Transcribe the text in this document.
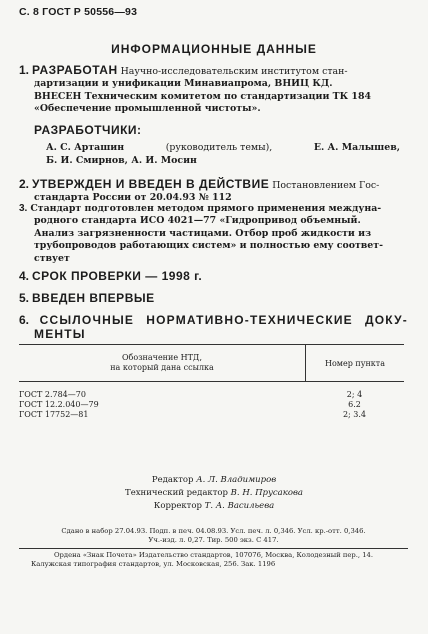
С. 8 ГОСТ Р 50556—93
ИНФОРМАЦИОННЫЕ ДАННЫЕ
1. РАЗРАБОТАН Научно-исследовательским институтом стан-
дартизации и унификации Минавиапрома, ВНИЦ КД.
ВНЕСЕН Техническим комитетом по стандартизации ТК 184
«Обеспечение промышленной чистоты».
РАЗРАБОТЧИКИ:
А. С. Арташин	(руководитель темы),	Е. А. Малышев,
Б. И. Смирнов, А. И. Мосин
2. УТВЕРЖДЕН И ВВЕДЕН В ДЕЙСТВИЕ Постановлением Гос-
стандарта России от 20.04.93 № 112
3. Стандарт подготовлен методом прямого применения междуна-
родного стандарта ИСО 4021—77 «Гидропривод объемный.
Анализ загрязненности частицами. Отбор проб жидкости из
трубопроводов работающих систем» и полностью ему соответ-
ствует
4. СРОК ПРОВЕРКИ — 1998 г.
5. ВВЕДЕН ВПЕРВЫЕ
6. ССЫЛОЧНЫЕ НОРМАТИВНО-ТЕХНИЧЕСКИЕ ДОКУ-
МЕНТЫ
Обозначение НТД,
на который дана ссылка	Номер пункта
ГОСТ 2.784—70	2; 4
ГОСТ 12.2.040—79	6.2
ГОСТ 17752—81	2; 3.4
Редактор А. Л. Владимиров
Технический редактор В. Н. Прусакова
Корректор Т. А. Васильева
Сдано в набор 27.04.93. Подп. в печ. 04.08.93. Усл. печ. л. 0,346. Усл. кр.-отт. 0,346.
Уч.-изд. л. 0,27. Тир. 500 экз. С 417.
Ордена «Знак Почета» Издательство стандартов, 107076, Москва, Колодезный пер., 14.
Калужская типография стандартов, ул. Московская, 256. Зак. 1196
